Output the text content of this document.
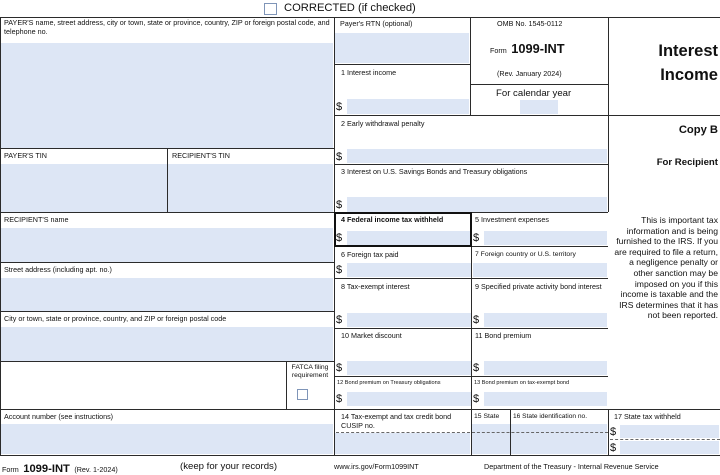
CORRECTED (if checked)
PAYER'S name, street address, city or town, state or province, country, ZIP or foreign postal code, and telephone no.
PAYER'S TIN	RECIPIENT'S TIN
RECIPIENT'S name
Street address (including apt. no.)
City or town, state or province, country, and ZIP or foreign postal code
FATCA filing requirement
Account number (see instructions)
Payer's RTN (optional)
1 Interest income
$
OMB No. 1545-0112
Form 1099-INT
(Rev. January 2024)
For calendar year
2 Early withdrawal penalty
$
3 Interest on U.S. Savings Bonds and Treasury obligations
$
4 Federal income tax withheld
$
5 Investment expenses
$
6 Foreign tax paid
$
7 Foreign country or U.S. territory
8 Tax-exempt interest
$
9 Specified private activity bond interest
$
10 Market discount
$
11 Bond premium
$
12 Bond premium on Treasury obligations
$
13 Bond premium on tax-exempt bond
$
14 Tax-exempt and tax credit bond CUSIP no.
15 State 16 State identification no.	17 State tax withheld
$
$
Interest
Income
Copy B
For Recipient
This is important tax information and is being furnished to the IRS. If you are required to file a return, a negligence penalty or other sanction may be imposed on you if this income is taxable and the IRS determines that it has not been reported.
Form 1099-INT (Rev. 1-2024)	(keep for your records)	www.irs.gov/Form1099INT	Department of the Treasury - Internal Revenue Service
